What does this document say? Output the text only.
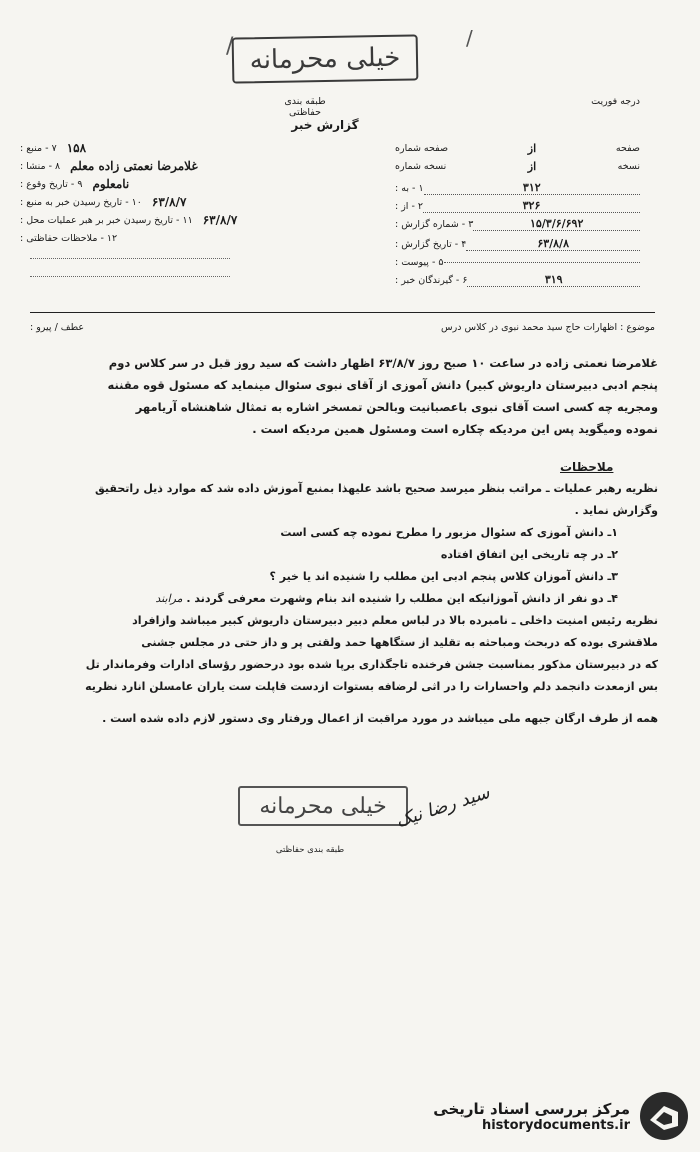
/ خیلی محرمانه
/
طبقه بندی حفاظتی
گزارش خبر
درجه فوریت
۷ - منبع : ۱۵۸
۸ - منشا : غلامرضا نعمتی زاده معلم
۹ - تاریخ وقوع : نامعلوم
۱۰ - تاریخ رسیدن خبر به منبع : ۶۳/۸/۷
۱۱ - تاریخ رسیدن خبر بر هبر عملیات محل : ۶۳/۸/۷
۱۲ - ملاحظات حفاظتی :
صفحه شماره	از	صفحه
نسخه شماره	از	نسخه
۱ - به :	۳۱۲
۲ - از :	۳۲۶
۳ - شماره گزارش :	۱۵/۳/۶/۶۹۲
۴ - تاریخ گزارش :	۶۳/۸/۸
۵ - پیوست :
۶ - گیرندگان خبر :	۳۱۹
موضوع : اظهارات حاج سید محمد نبوی در کلاس درس
عطف / پیرو :

غلامرضا نعمتی زاده در ساعت ۱۰ صبح روز ۶۳/۸/۷ اظهار داشت که سید روز قبل در سر کلاس دوم

پنجم ادبی دبیرستان داریوش کبیر) دانش آموزی از آقای نبوی سئوال مینماید که مسئول قوه مقننه

ومجریه چه کسی است آقای نبوی باعصبانیت وبالحن تمسخر اشاره به تمثال شاهنشاه آریامهر

نموده ومیگوید پس این مردیکه چکاره است ومسئول همین مردیکه است .

ملاحظات

نظریه رهبر عملیات ـ مراتب بنظر میرسد صحیح باشد علیهذا بمنبع آموزش داده شد که موارد ذیل راتحقیق

وگزارش نماید .

۱ـ دانش آموزی که سئوال مزبور را مطرح نموده چه کسی است

۲ـ در چه تاریخی این اتفاق افتاده

۳ـ دانش آموزان کلاس پنجم ادبی این مطلب را شنیده اند یا خیر ؟

۴ـ دو نفر از دانش آموزانیکه این مطلب را شنیده اند بنام وشهرت معرفی گردند . مرابند

نظریه رئیس امنیت داخلی ـ نامبرده بالا در لباس معلم دبیر دبیرستان داریوش کبیر میباشد وازافراد

ملاقشرى بوده که دربحث ومباحثه به تقلید از ستگاهها حمد ولقتى پر و داز حتى در مجلس جشنى

که در دبیرستان مذکور بمناسبت جشن فرخنده تاجگذاری برپا شده بود درحضور رؤسای ادارات وفرماندار تل

بس ازمعدت دانجمد دلم واحسارات را در اثى لرضافه بستوات ازدست قاپلت ست یاران عامسلن انارد نظریه

همه از طرف ارگان جبهه ملی میباشد در مورد مراقبت از اعمال ورفتار وى دستور لازم داده شده است .

خیلی محرمانه سید رضا نیک
طبقه بندی حفاظتی
مرکز بررسی اسناد تاریخی
historydocuments.ir
